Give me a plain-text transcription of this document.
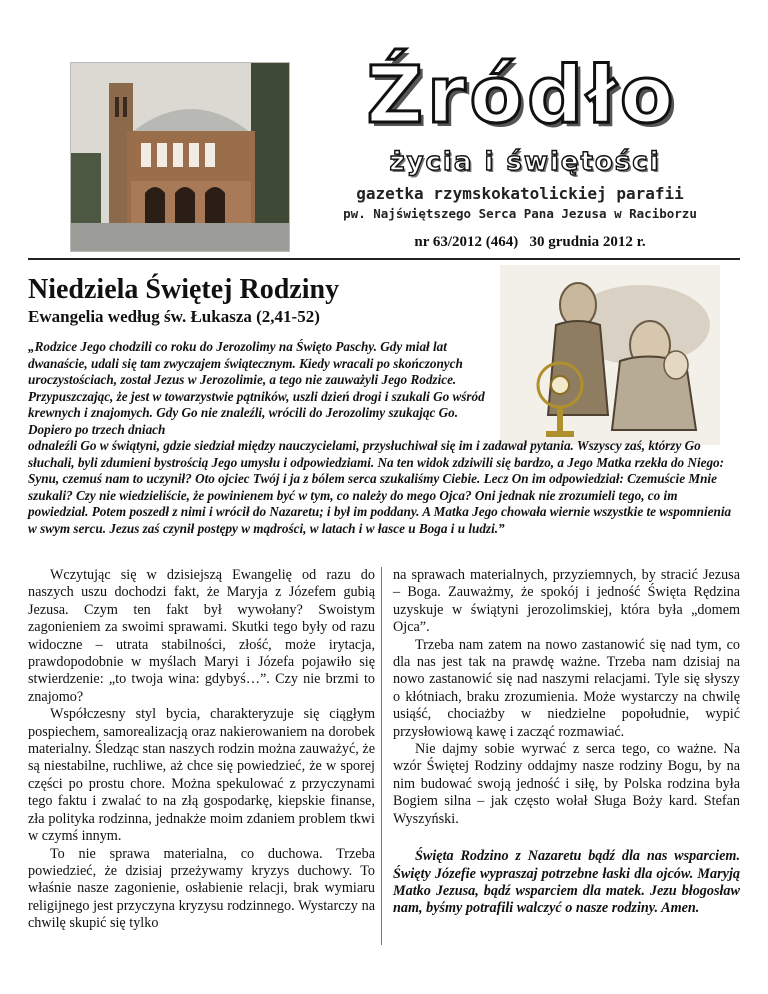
Źródło
życia i świętości
gazetka rzymskokatolickiej parafii
pw. Najświętszego Serca Pana Jezusa w Raciborzu
nr 63/2012 (464)   30 grudnia 2012 r.
Niedziela Świętej Rodziny
Ewangelia według św. Łukasza (2,41-52)
„Rodzice Jego chodzili co roku do Jerozolimy na Święto Paschy. Gdy miał lat dwanaście, udali się tam zwyczajem świątecznym. Kiedy wracali po skończonych uroczystościach, został Jezus w Jerozolimie, a tego nie zauważyli Jego Rodzice. Przypuszczając, że jest w towarzystwie pątników, uszli dzień drogi i szukali Go wśród krewnych i znajomych. Gdy Go nie znaleźli, wrócili do Jerozolimy szukając Go. Dopiero po trzech dniach
odnaleźli Go w świątyni, gdzie siedział między nauczycielami, przysłuchiwał się im i zadawał pytania. Wszyscy zaś, którzy Go słuchali, byli zdumieni bystrością Jego umysłu i odpowiedziami. Na ten widok zdziwili się bardzo, a Jego Matka rzekła do Niego: Synu, czemuś nam to uczynił? Oto ojciec Twój i ja z bólem serca szukaliśmy Ciebie. Lecz On im odpowiedział: Czemuście Mnie szukali? Czy nie wiedzieliście, że powinienem być w tym, co należy do mego Ojca? Oni jednak nie zrozumieli tego, co im powiedział. Potem poszedł z nimi i wrócił do Nazaretu; i był im poddany. A Matka Jego chowała wiernie wszystkie te wspomnienia w swym sercu. Jezus zaś czynił postępy w mądrości, w latach i w łasce u Boga i u ludzi.”

Wczytując się w dzisiejszą Ewangelię od razu do naszych uszu dochodzi fakt, że Maryja z Józefem gubią Jezusa. Czym ten fakt był wywołany? Swoistym zagonieniem za swoimi sprawami. Skutki tego były od razu widoczne – utrata stabilności, złość, może irytacja, prawdopodobnie w myślach Maryi i Józefa pojawiło się stwierdzenie: „to twoja wina: gdybyś…”. Czy nie brzmi to znajomo?

Współczesny styl bycia, charakteryzuje się ciągłym pospiechem, samorealizacją oraz nakierowaniem na dorobek materialny. Śledząc stan naszych rodzin można zauważyć, że są niestabilne, ruchliwe, aż chce się powiedzieć, że w sporej części po prostu chore. Można spekulować z przyczynami tego faktu i zwalać to na złą gospodarkę, kiepskie finanse, zła polityka rodzinna, jednakże moim zdaniem problem tkwi w czymś innym.

To nie sprawa materialna, co duchowa. Trzeba powiedzieć, że dzisiaj przeżywamy kryzys duchowy. To właśnie nasze zagonienie, osłabienie relacji, brak wymiaru religijnego jest przyczyna kryzysu rodzinnego. Wystarczy na chwilę skupić się tylko

na sprawach materialnych, przyziemnych, by stracić Jezusa – Boga. Zauważmy, że spokój i jedność Święta Rędzina uzyskuje w świątyni jerozolimskiej, która była „domem Ojca”.

Trzeba nam zatem na nowo zastanowić się nad tym, co dla nas jest tak na prawdę ważne. Trzeba nam dzisiaj na nowo zastanowić się nad naszymi relacjami. Tyle się słyszy o kłótniach, braku zrozumienia. Może wystarczy na chwilę usiąść, chociażby w niedzielne popołudnie, wypić przysłowiową kawę i zacząć rozmawiać.

Nie dajmy sobie wyrwać z serca tego, co ważne. Na wzór Świętej Rodziny oddajmy nasze rodziny Bogu, by na nim budować swoją jedność i siłę, by Polska rodzina była Bogiem silna – jak często wołał Sługa Boży kard. Stefan Wyszyński.

Święta Rodzino z Nazaretu bądź dla nas wsparciem. Święty Józefie wypraszaj potrzebne łaski dla ojców. Maryją Matko Jezusa, bądź wsparciem dla matek. Jezu błogosław nam, byśmy potrafili walczyć o nasze rodziny. Amen.
